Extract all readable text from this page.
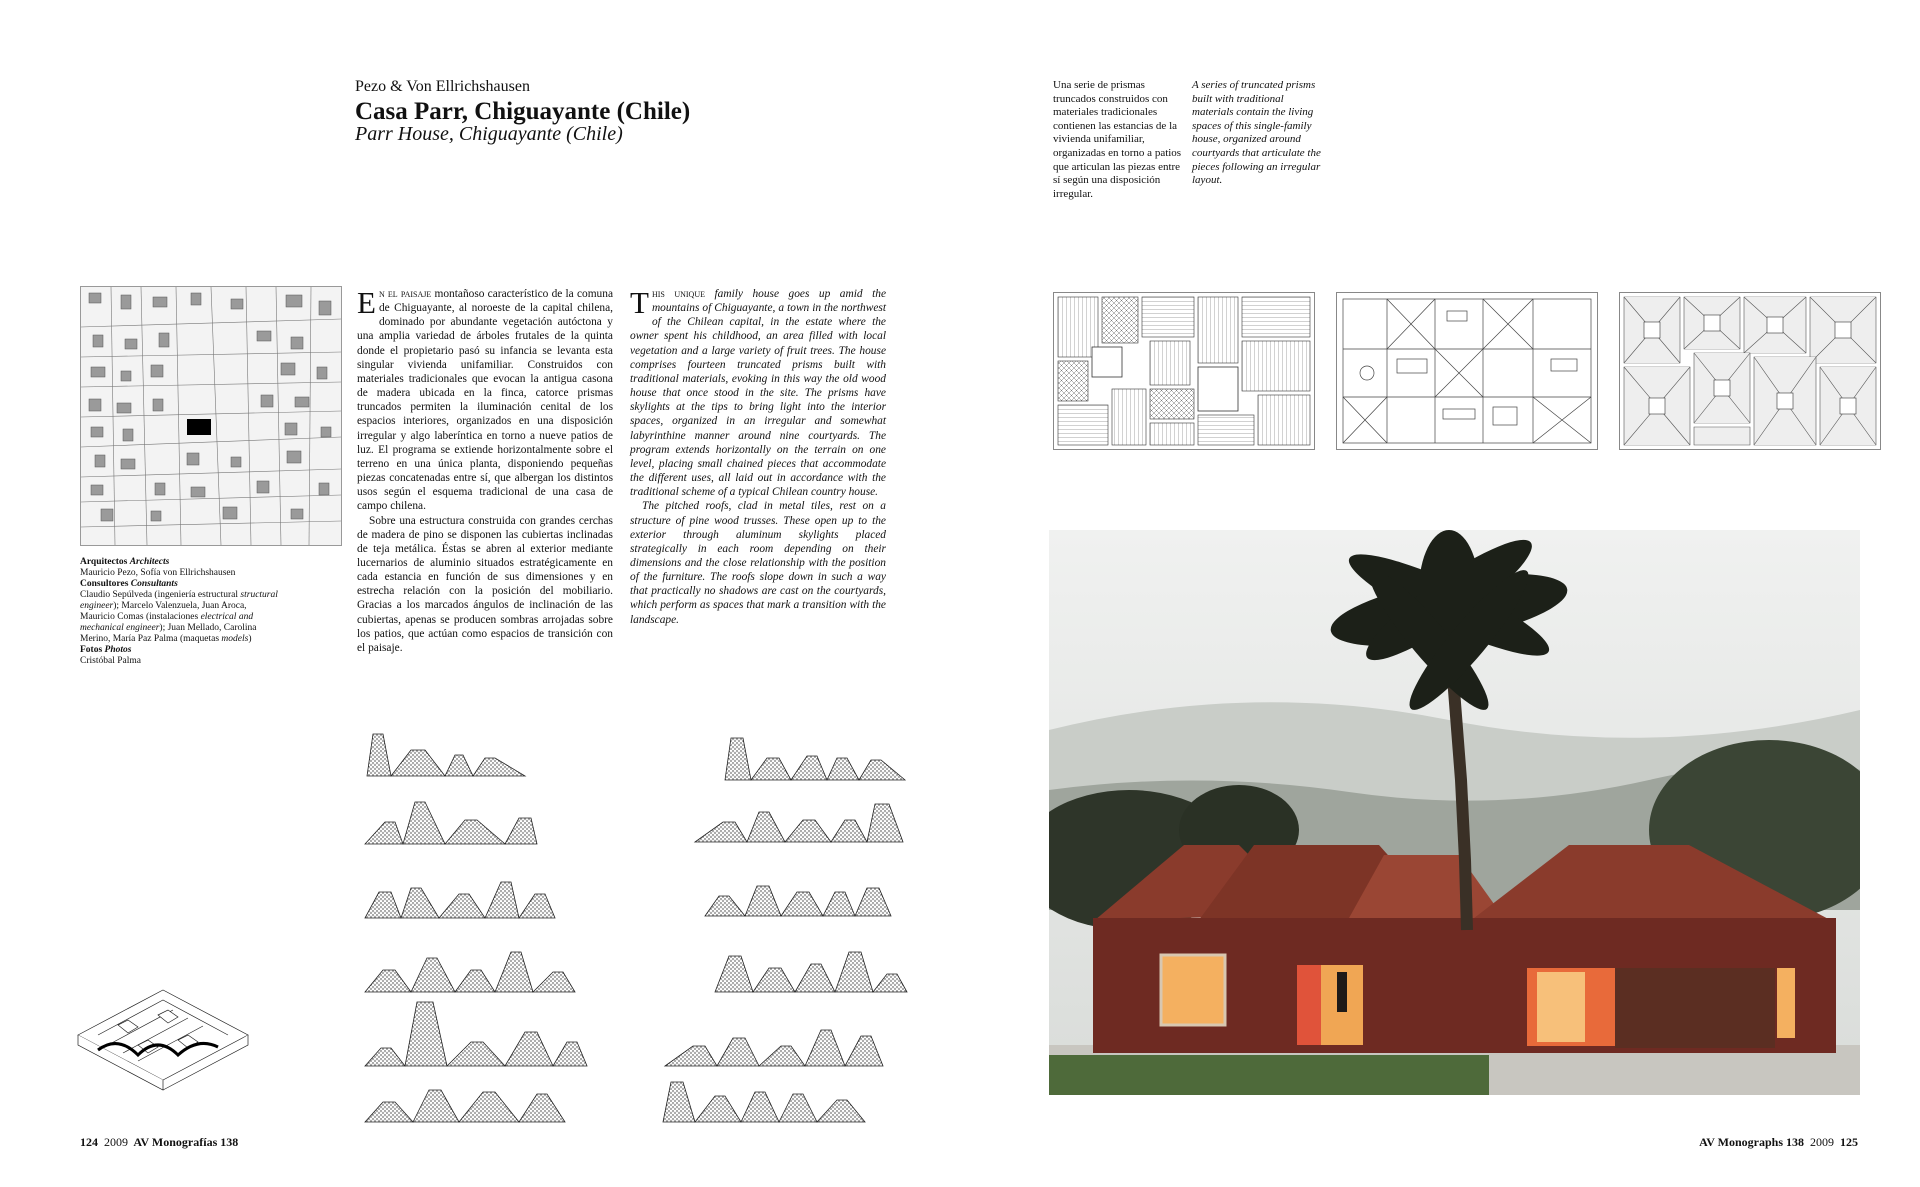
Pezo & Von Ellrichshausen
Casa Parr, Chiguayante (Chile)
Parr House, Chiguayante (Chile)
Una serie de prismas truncados construidos con materiales tradicionales contienen las estancias de la vivienda unifamiliar, organizadas en torno a patios que articulan las piezas entre sí según una disposición irregular.
A series of truncated prisms built with traditional materials contain the living spaces of this single-family house, organized around courtyards that articulate the pieces following an irregular layout.
Arquitectos Architects
Mauricio Pezo, Sofía von Ellrichshausen
Consultores Consultants
Claudio Sepúlveda (ingeniería estructural structural engineer); Marcelo Valenzuela, Juan Aroca, Mauricio Comas (instalaciones electrical and mechanical engineer); Juan Mellado, Carolina Merino, María Paz Palma (maquetas models)
Fotos Photos
Cristóbal Palma

En el paisaje montañoso característico de la comuna de Chiguayante, al noroeste de la capital chilena, dominado por abundante vegetación autóctona y una amplia variedad de árboles frutales de la quinta donde el propietario pasó su infancia se levanta esta singular vivienda unifamiliar. Construidos con materiales tradicionales que evocan la antigua casona de madera ubicada en la finca, catorce prismas truncados permiten la iluminación cenital de los espacios interiores, organizados en una disposición irregular y algo laberíntica en torno a nueve patios de luz. El programa se extiende horizontalmente sobre el terreno en una única planta, disponiendo pequeñas piezas concatenadas entre sí, que albergan los distintos usos según el esquema tradicional de una casa de campo chilena.

Sobre una estructura construida con grandes cerchas de madera de pino se disponen las cubiertas inclinadas de teja metálica. Éstas se abren al exterior mediante lucernarios de aluminio situados estratégicamente en cada estancia en función de sus dimensiones y en estrecha relación con la posición del mobiliario. Gracias a los marcados ángulos de inclinación de las cubiertas, apenas se producen sombras arrojadas sobre los patios, que actúan como espacios de transición con el paisaje.

This unique family house goes up amid the mountains of Chiguayante, a town in the northwest of the Chilean capital, in the estate where the owner spent his childhood, an area filled with local vegetation and a large variety of fruit trees. The house comprises fourteen truncated prisms built with traditional materials, evoking in this way the old wood house that once stood in the site. The prisms have skylights at the tips to bring light into the interior spaces, organized in an irregular and somewhat labyrinthine manner around nine courtyards. The program extends horizontally on the terrain on one level, placing small chained pieces that accommodate the different uses, all laid out in accordance with the traditional scheme of a typical Chilean country house.

The pitched roofs, clad in metal tiles, rest on a structure of pine wood trusses. These open up to the exterior through aluminum skylights placed strategically in each room depending on their dimensions and the close relationship with the position of the furniture. The roofs slope down in such a way that practically no shadows are cast on the courtyards, which perform as spaces that mark a transition with the landscape.

124 2009 AV Monografías 138	AV Monographs 138 2009 125
